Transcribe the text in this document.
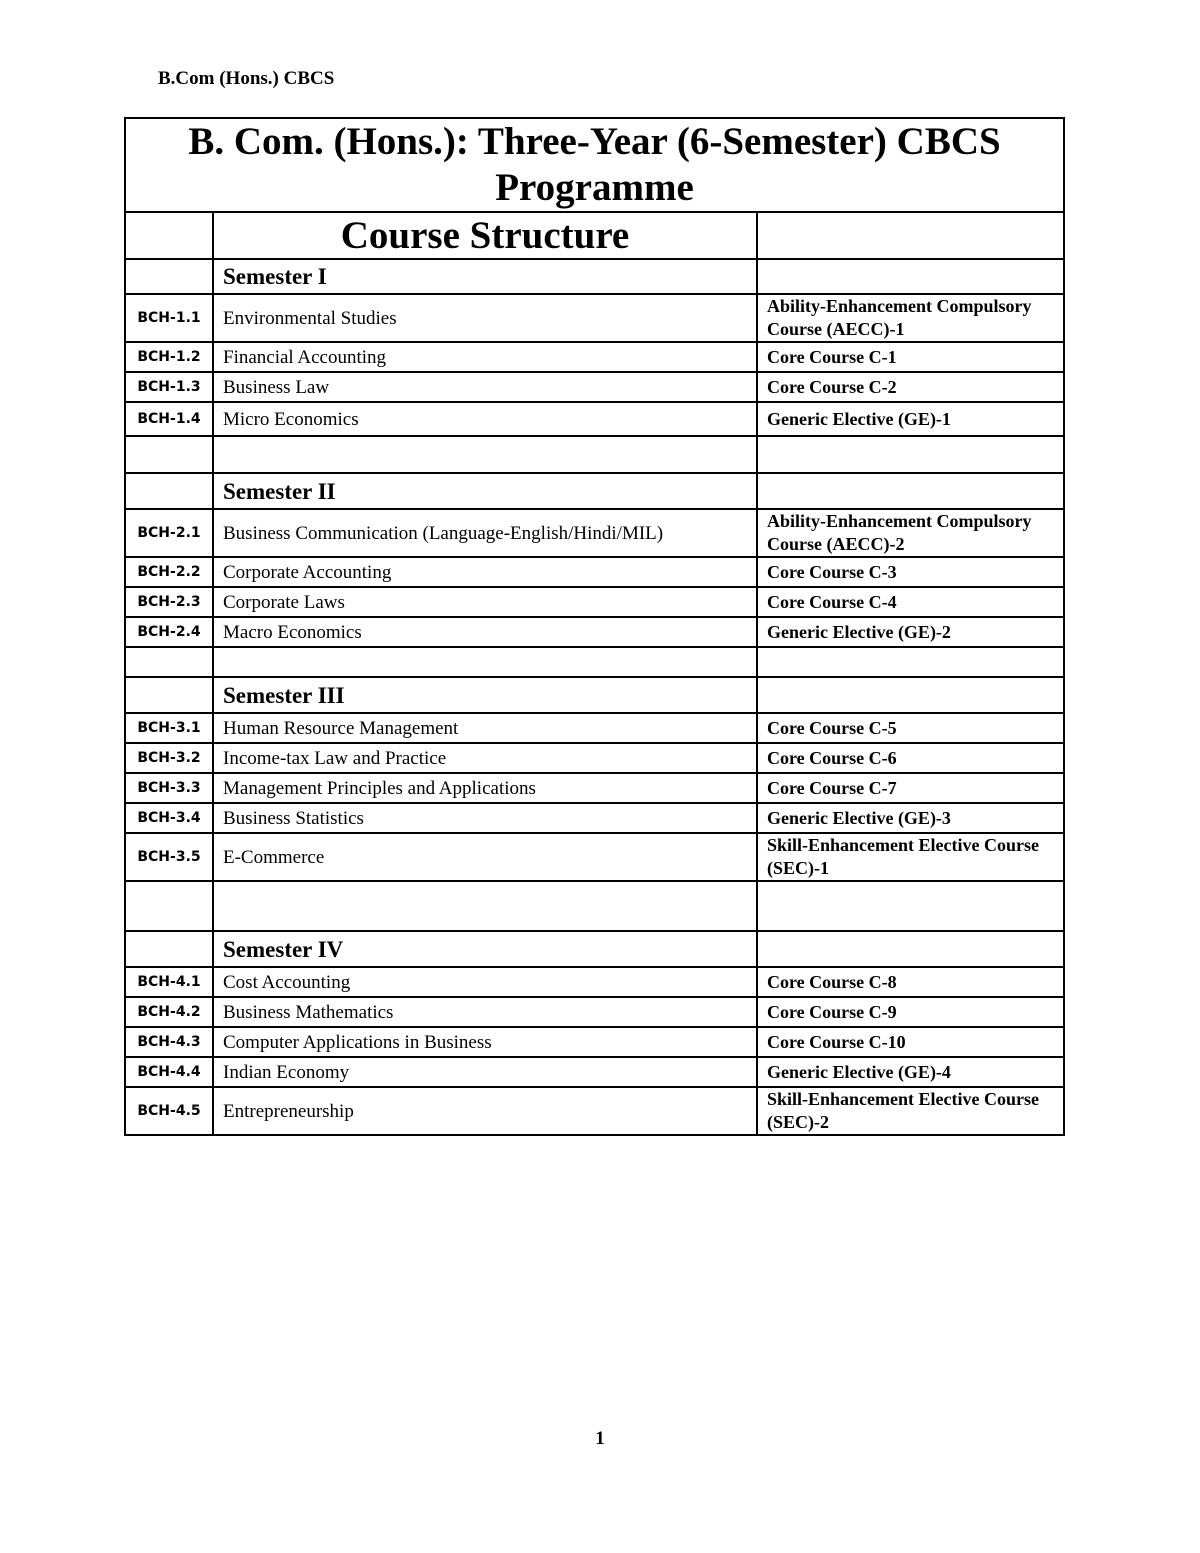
B.Com (Hons.) CBCS
B. Com. (Hons.): Three-Year (6-Semester) CBCS Programme		
	Course Structure	
	Semester I	
BCH-1.1	Environmental Studies	Ability-Enhancement Compulsory Course (AECC)-1
BCH-1.2	Financial Accounting	Core Course C-1
BCH-1.3	Business Law	Core Course C-2
BCH-1.4	Micro Economics	Generic Elective (GE)-1

	Semester II	
BCH-2.1	Business Communication (Language-English/Hindi/MIL)	Ability-Enhancement Compulsory Course (AECC)-2
BCH-2.2	Corporate Accounting	Core Course C-3
BCH-2.3	Corporate Laws	Core Course C-4
BCH-2.4	Macro Economics	Generic Elective (GE)-2

	Semester III	
BCH-3.1	Human Resource Management	Core Course C-5
BCH-3.2	Income-tax Law and Practice	Core Course C-6
BCH-3.3	Management Principles and Applications	Core Course C-7
BCH-3.4	Business Statistics	Generic Elective (GE)-3
BCH-3.5	E-Commerce	Skill-Enhancement Elective Course (SEC)-1

	Semester IV	
BCH-4.1	Cost Accounting	Core Course C-8
BCH-4.2	Business Mathematics	Core Course C-9
BCH-4.3	Computer Applications in Business	Core Course C-10
BCH-4.4	Indian Economy	Generic Elective (GE)-4
BCH-4.5	Entrepreneurship	Skill-Enhancement Elective Course (SEC)-2
1
